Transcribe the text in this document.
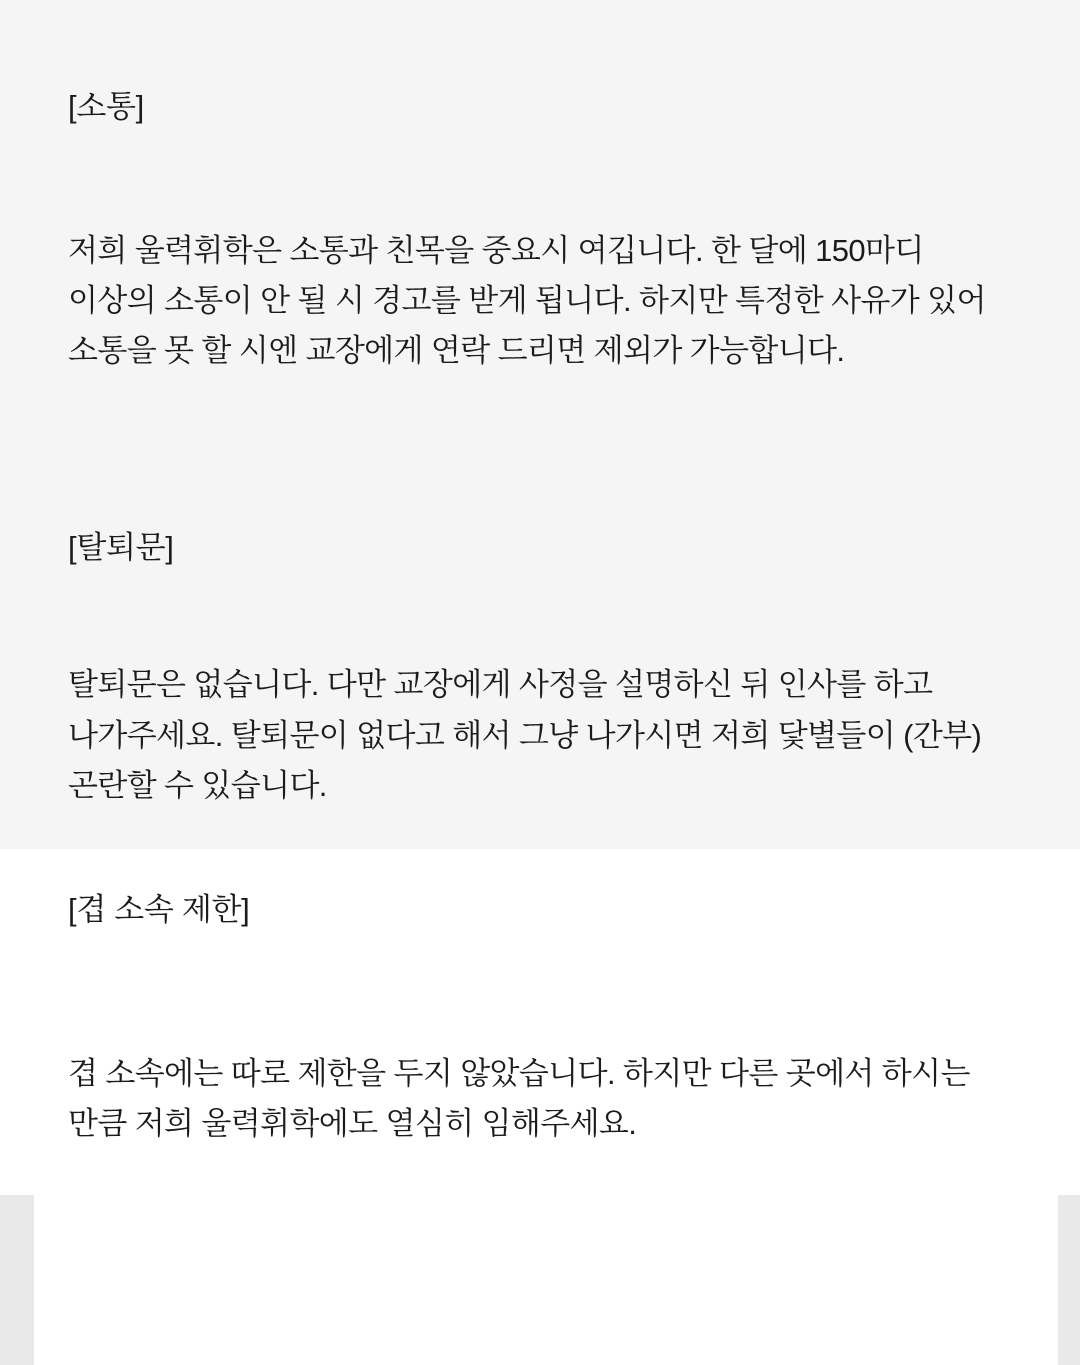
[소통]

저희 울력휘학은 소통과 친목을 중요시 여깁니다. 한 달에 150마디 이상의 소통이 안 될 시 경고를 받게 됩니다. 하지만 특정한 사유가 있어 소통을 못 할 시엔 교장에게 연락 드리면 제외가 가능합니다.

[탈퇴문]

탈퇴문은 없습니다. 다만 교장에게 사정을 설명하신 뒤 인사를 하고 나가주세요. 탈퇴문이 없다고 해서 그냥 나가시면 저희 닻별들이 (간부) 곤란할 수 있습니다.

[겹 소속 제한]

겹 소속에는 따로 제한을 두지 않았습니다. 하지만 다른 곳에서 하시는 만큼 저희 울력휘학에도 열심히 임해주세요.
